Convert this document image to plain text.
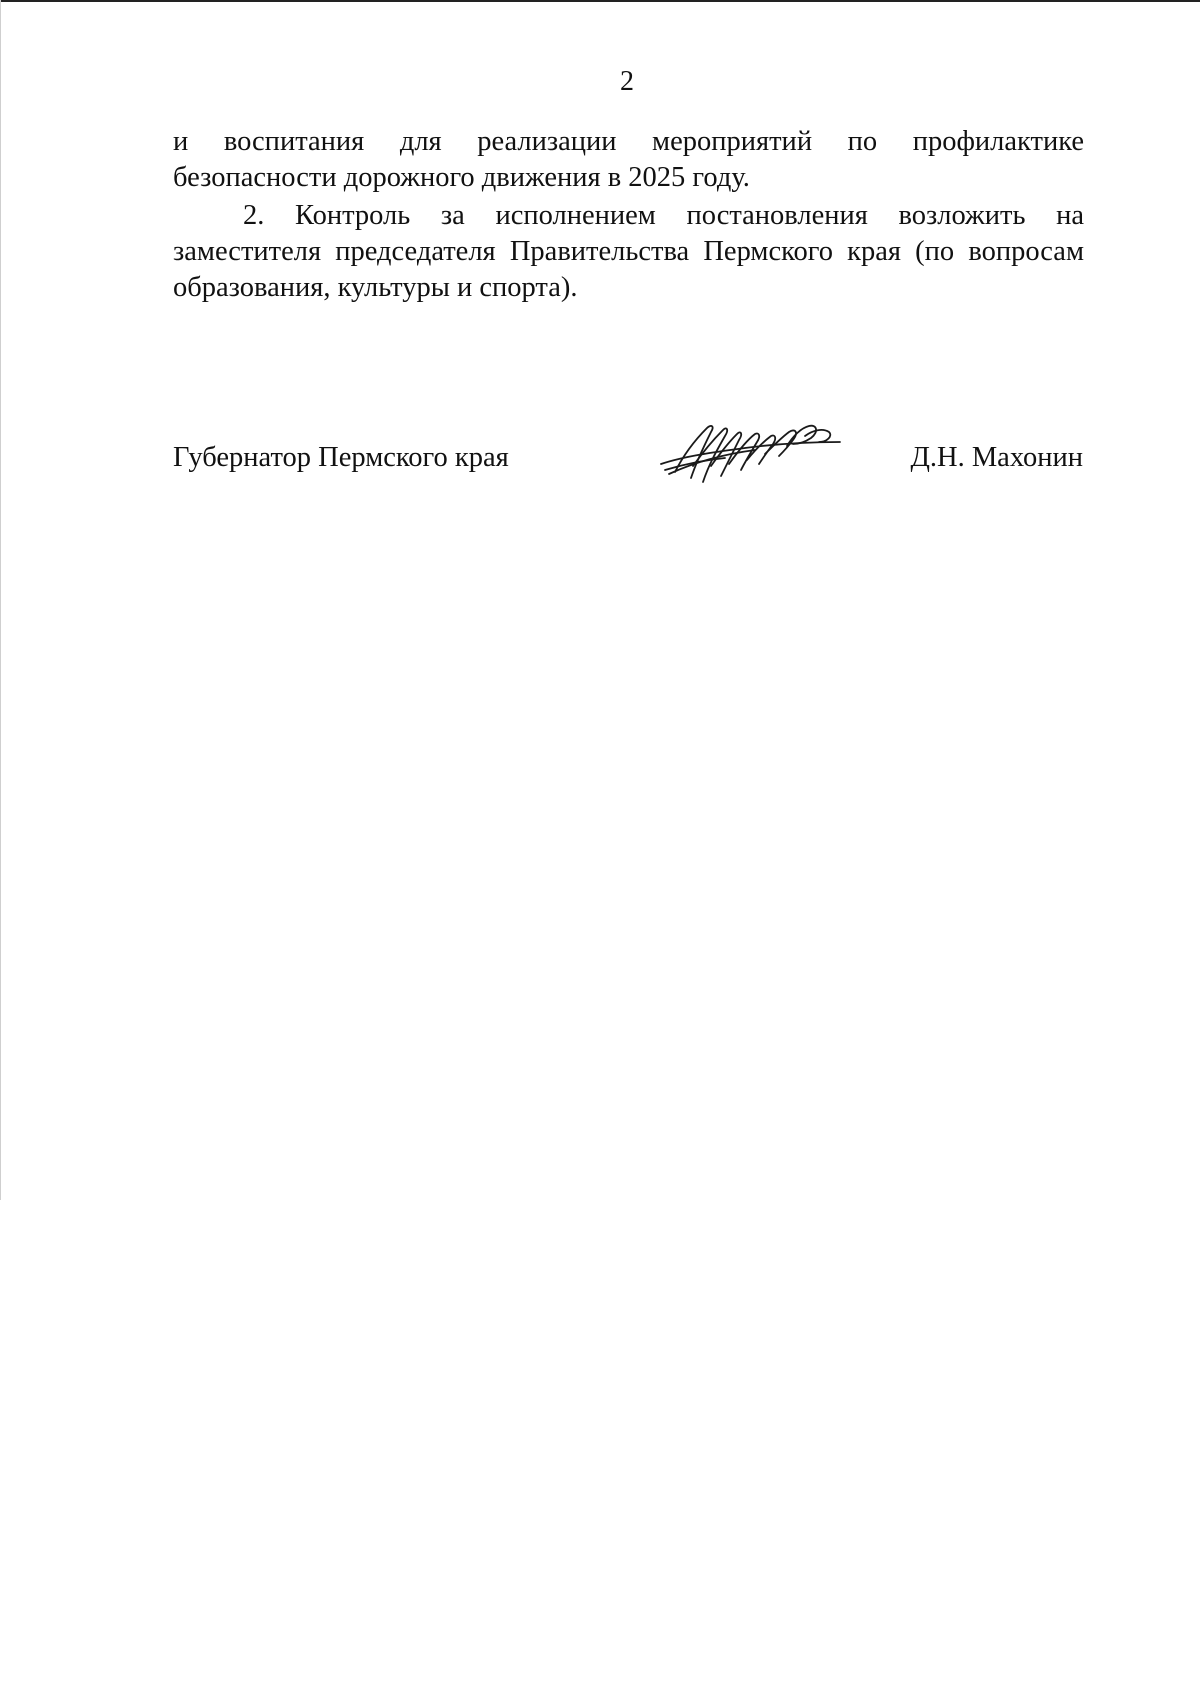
2

и воспитания для реализации мероприятий по профилактике безопасности дорожного движения в 2025 году.

2. Контроль за исполнением постановления возложить на заместителя председателя Правительства Пермского края (по вопросам образования, культуры и спорта).

Губернатор Пермского края	Д.Н. Махонин
